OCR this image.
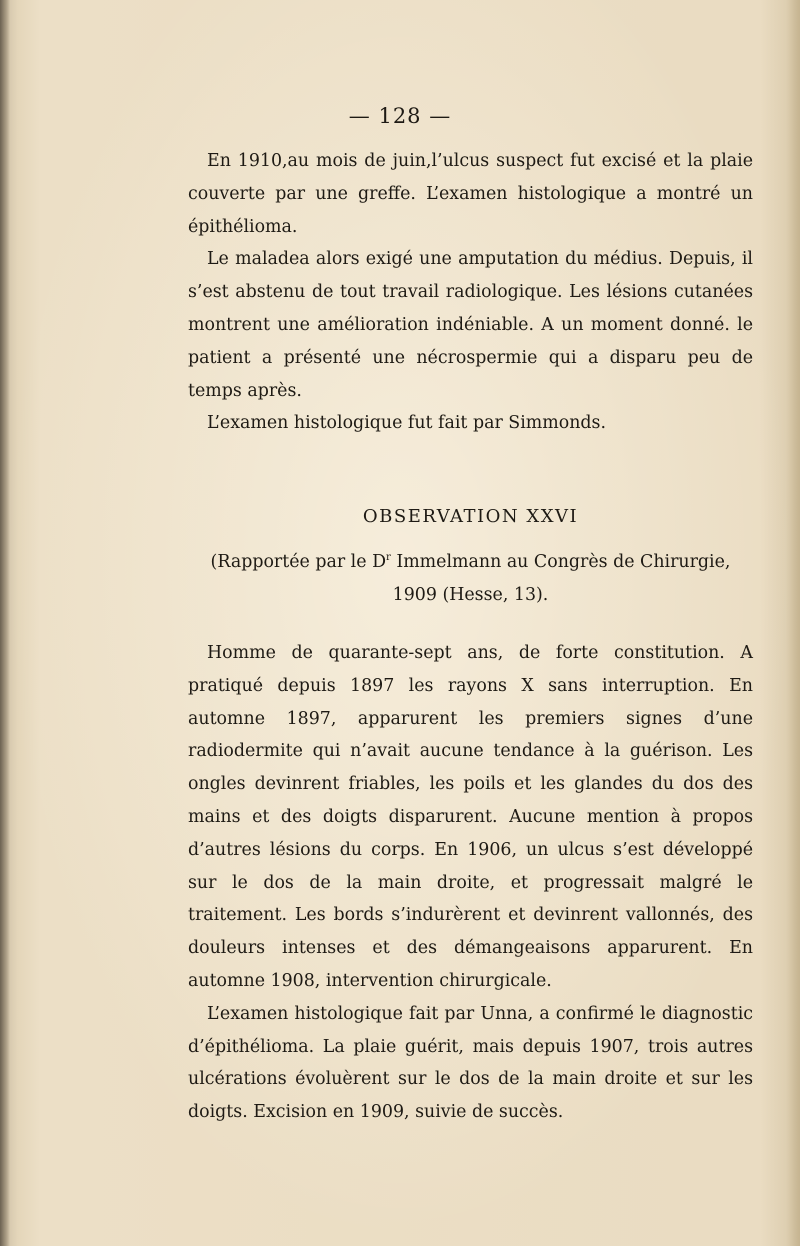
— 128 —

En 1910,au mois de juin,l’ulcus suspect fut excisé et la plaie couverte par une greffe. L’examen histologique a montré un épithélioma.

Le maladea alors exigé une amputation du médius. Depuis, il s’est abstenu de tout travail radiologique. Les lésions cutanées montrent une amélioration indéniable. A un moment donné. le patient a présenté une nécrospermie qui a disparu peu de temps après.

L’examen histologique fut fait par Simmonds.

OBSERVATION XXVI

(Rapportée par le $D^r$ Immelmann au Congrès de Chirurgie, 1909 (Hesse, 13).

Homme de quarante-sept ans, de forte constitution. A pratiqué depuis 1897 les rayons X sans interruption. En automne 1897, apparurent les premiers signes d’une radiodermite qui n’avait aucune tendance à la guérison. Les ongles devinrent friables, les poils et les glandes du dos des mains et des doigts disparurent. Aucune mention à propos d’autres lésions du corps. En 1906, un ulcus s’est développé sur le dos de la main droite, et progressait malgré le traitement. Les bords s’indurèrent et devinrent vallonnés, des douleurs intenses et des démangeaisons apparurent. En automne 1908, intervention chirurgicale.

L’examen histologique fait par Unna, a confirmé le diagnostic d’épithélioma. La plaie guérit, mais depuis 1907, trois autres ulcérations évoluèrent sur le dos de la main droite et sur les doigts. Excision en 1909, suivie de succès.
